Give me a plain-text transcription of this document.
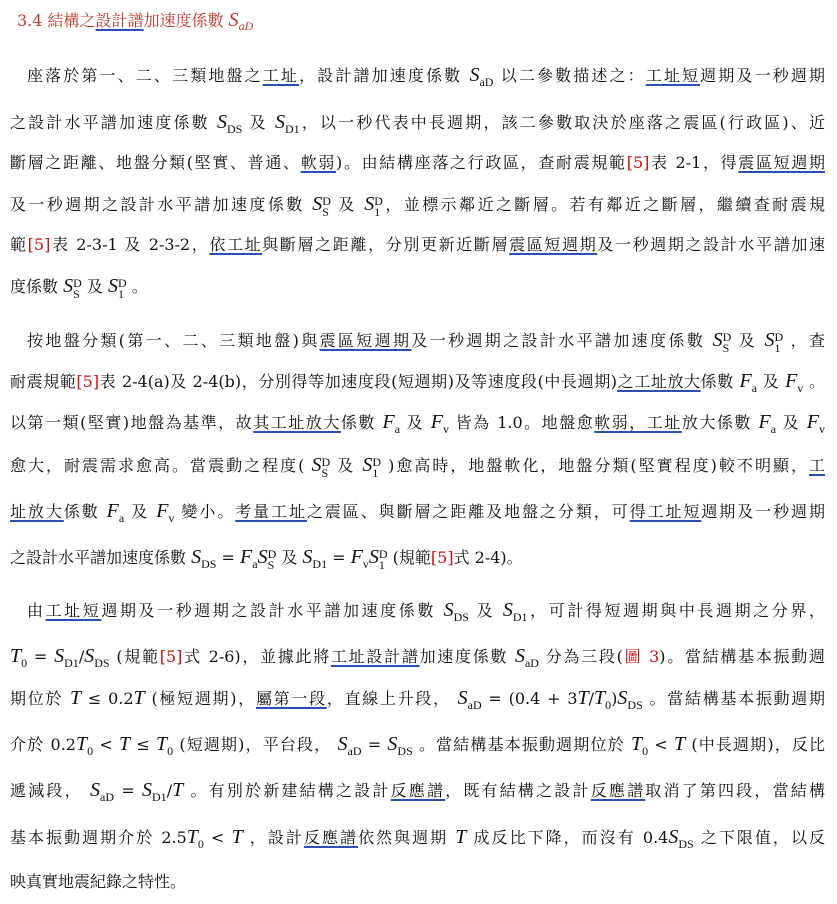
3.4 結構之設計譜加速度係數 $S_{aD}$
座落於第一、二、三類地盤之工址，設計譜加速度係數 $S_{aD}$ 以二參數描述之：工址短週期及一秒週期
之設計水平譜加速度係數 $S_{DS}$ 及 $S_{D1}$，以一秒代表中長週期，該二參數取決於座落之震區(行政區)、近
斷層之距離、地盤分類(堅實、普通、軟弱)。由結構座落之行政區，查耐震規範[5]表 2-1，得震區短週期
及一秒週期之設計水平譜加速度係數 S D
S 及 S D
1 ，並標示鄰近之斷層。若有鄰近之斷層，繼續查耐震規
範[5]表 2-3-1 及 2-3-2，依工址與斷層之距離，分別更新近斷層震區短週期及一秒週期之設計水平譜加速
度係數 S D
S 及 S D
1 。
按地盤分類(第一、二、三類地盤)與震區短週期及一秒週期之設計水平譜加速度係數 S D
S 及 S D
1 ，查
耐震規範[5]表 2-4(a)及 2-4(b)，分別得等加速度段(短週期)及等速度段(中長週期)之工址放大係數 $F_a$ 及 $F_v$ 。
以第一類(堅實)地盤為基準，故其工址放大係數 $F_a$ 及 $F_v$ 皆為 1.0。地盤愈軟弱，工址放大係數 $F_a$ 及 $F_v$
愈大，耐震需求愈高。當震動之程度( S D
S 及 S D
1 )愈高時，地盤軟化，地盤分類(堅實程度)較不明顯，工
址放大係數 $F_a$ 及 $F_v$ 變小。考量工址之震區、與斷層之距離及地盤之分類，可得工址短週期及一秒週期
之設計水平譜加速度係數 $S_{DS} = F_aS$ D
S 及 $S_{D1} = F_vS$ D
1 (規範[5]式 2-4)。
由工址短週期及一秒週期之設計水平譜加速度係數 $S_{DS}$ 及 $S_{D1}$，可計得短週期與中長週期之分界，
$T_0 = S_{D1}/S_{DS}$ (規範[5]式 2-6)，並據此將工址設計譜加速度係數 $S_{aD}$ 分為三段(圖 3)。當結構基本振動週
期位於 T ≤ 0.2T (極短週期)，屬第一段，直線上升段， $S_{aD} = (0.4 + 3T/T_0)S_{DS}$ 。當結構基本振動週期
介於 $0.2T_0 < T \le T_0$ (短週期)，平台段， $S_{aD} = S_{DS}$ 。當結構基本振動週期位於 $T_0 < T$ (中長週期)，反比
遞減段， $S_{aD} = S_{D1}/T$ 。有別於新建結構之設計反應譜，既有結構之設計反應譜取消了第四段，當結構
基本振動週期介於 $2.5T_0 < T$ ，設計反應譜依然與週期 T 成反比下降，而沒有 $0.4S_{DS}$ 之下限值，以反
映真實地震紀錄之特性。
